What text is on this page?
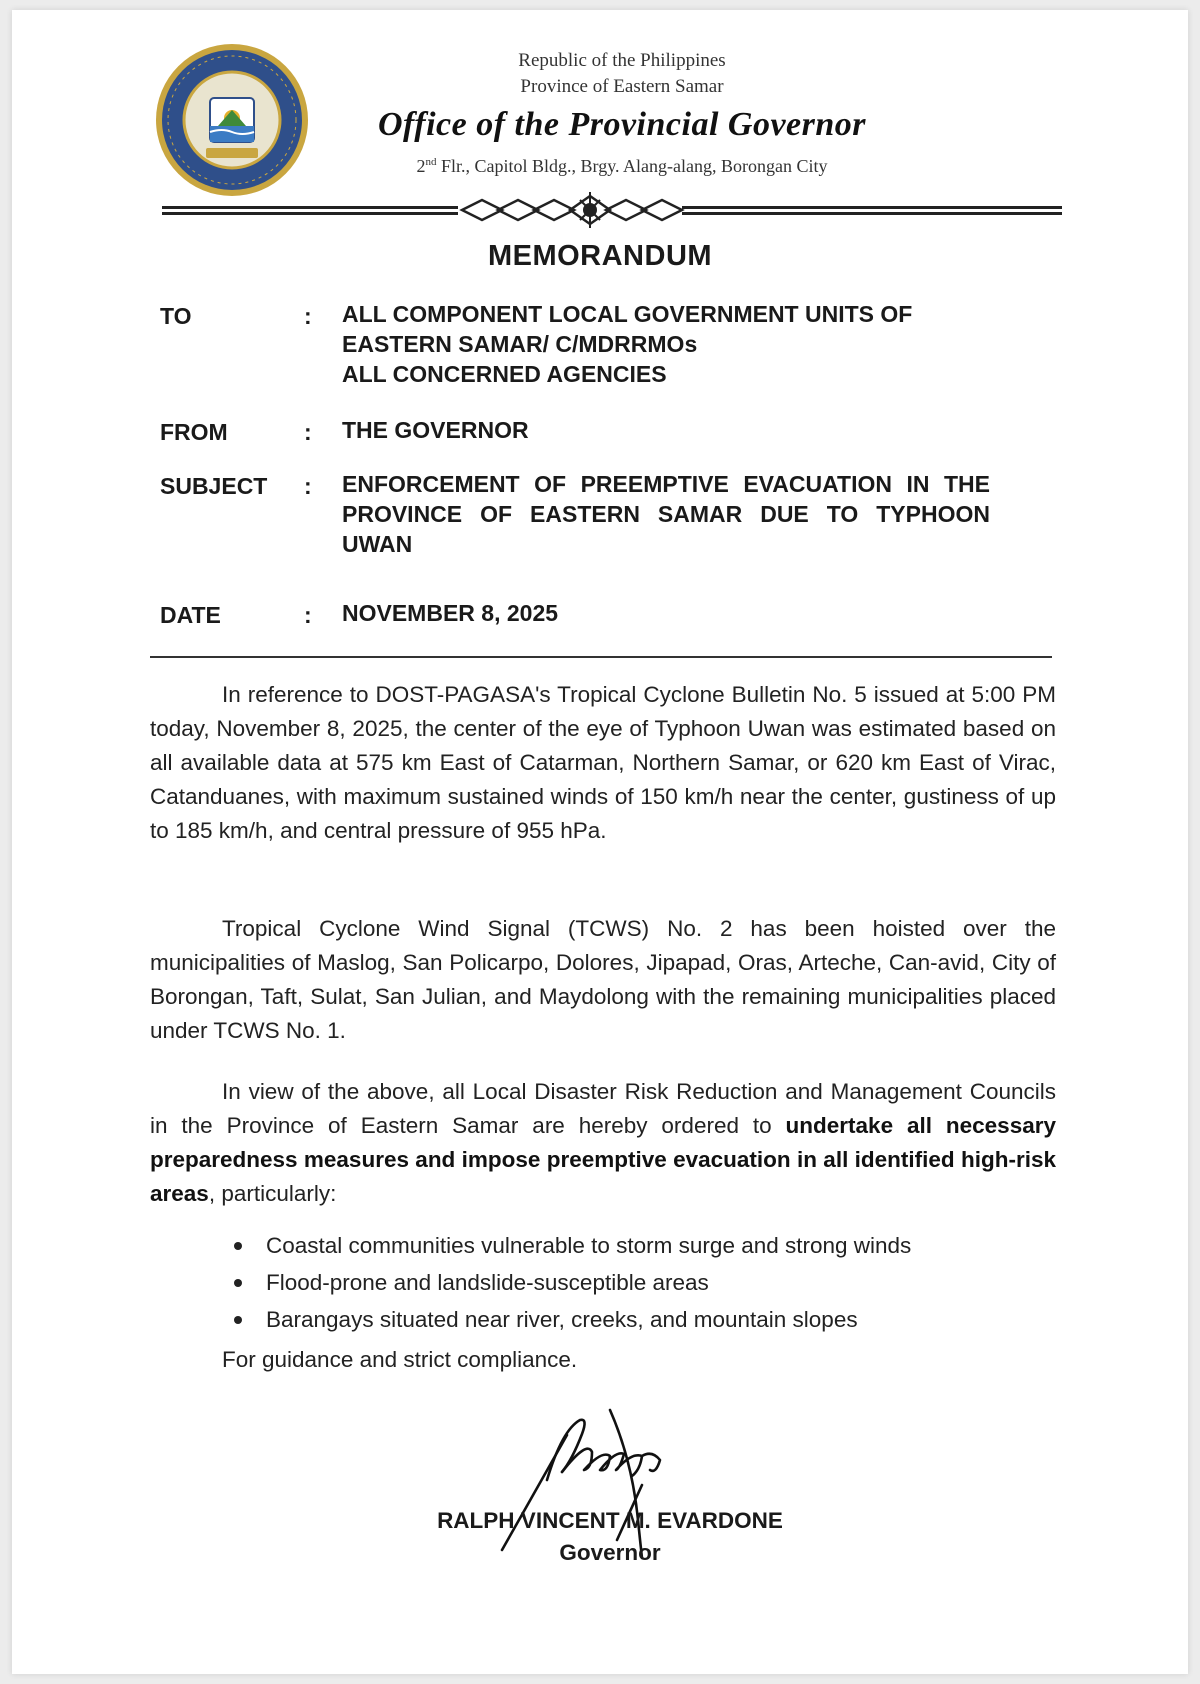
Republic of the Philippines
Province of Eastern Samar
Office of the Provincial Governor
2nd Flr., Capitol Bldg., Brgy. Alang-alang, Borongan City
MEMORANDUM
TO	: ALL COMPONENT LOCAL GOVERNMENT UNITS OF
EASTERN SAMAR/ C/MDRRMOs
ALL CONCERNED AGENCIES
FROM	: THE GOVERNOR
SUBJECT : ENFORCEMENT OF PREEMPTIVE EVACUATION IN THE PROVINCE OF EASTERN SAMAR DUE TO TYPHOON UWAN
DATE	: NOVEMBER 8, 2025
In reference to DOST-PAGASA's Tropical Cyclone Bulletin No. 5 issued at 5:00 PM today, November 8, 2025, the center of the eye of Typhoon Uwan was estimated based on all available data at 575 km East of Catarman, Northern Samar, or 620 km East of Virac, Catanduanes, with maximum sustained winds of 150 km/h near the center, gustiness of up to 185 km/h, and central pressure of 955 hPa.
Tropical Cyclone Wind Signal (TCWS) No. 2 has been hoisted over the municipalities of Maslog, San Policarpo, Dolores, Jipapad, Oras, Arteche, Can-avid, City of Borongan, Taft, Sulat, San Julian, and Maydolong with the remaining municipalities placed under TCWS No. 1.
In view of the above, all Local Disaster Risk Reduction and Management Councils in the Province of Eastern Samar are hereby ordered to undertake all necessary preparedness measures and impose preemptive evacuation in all identified high-risk areas, particularly:
Coastal communities vulnerable to storm surge and strong winds
Flood-prone and landslide-susceptible areas
Barangays situated near river, creeks, and mountain slopes
For guidance and strict compliance.
RALPH VINCENT M. EVARDONE
Governor
